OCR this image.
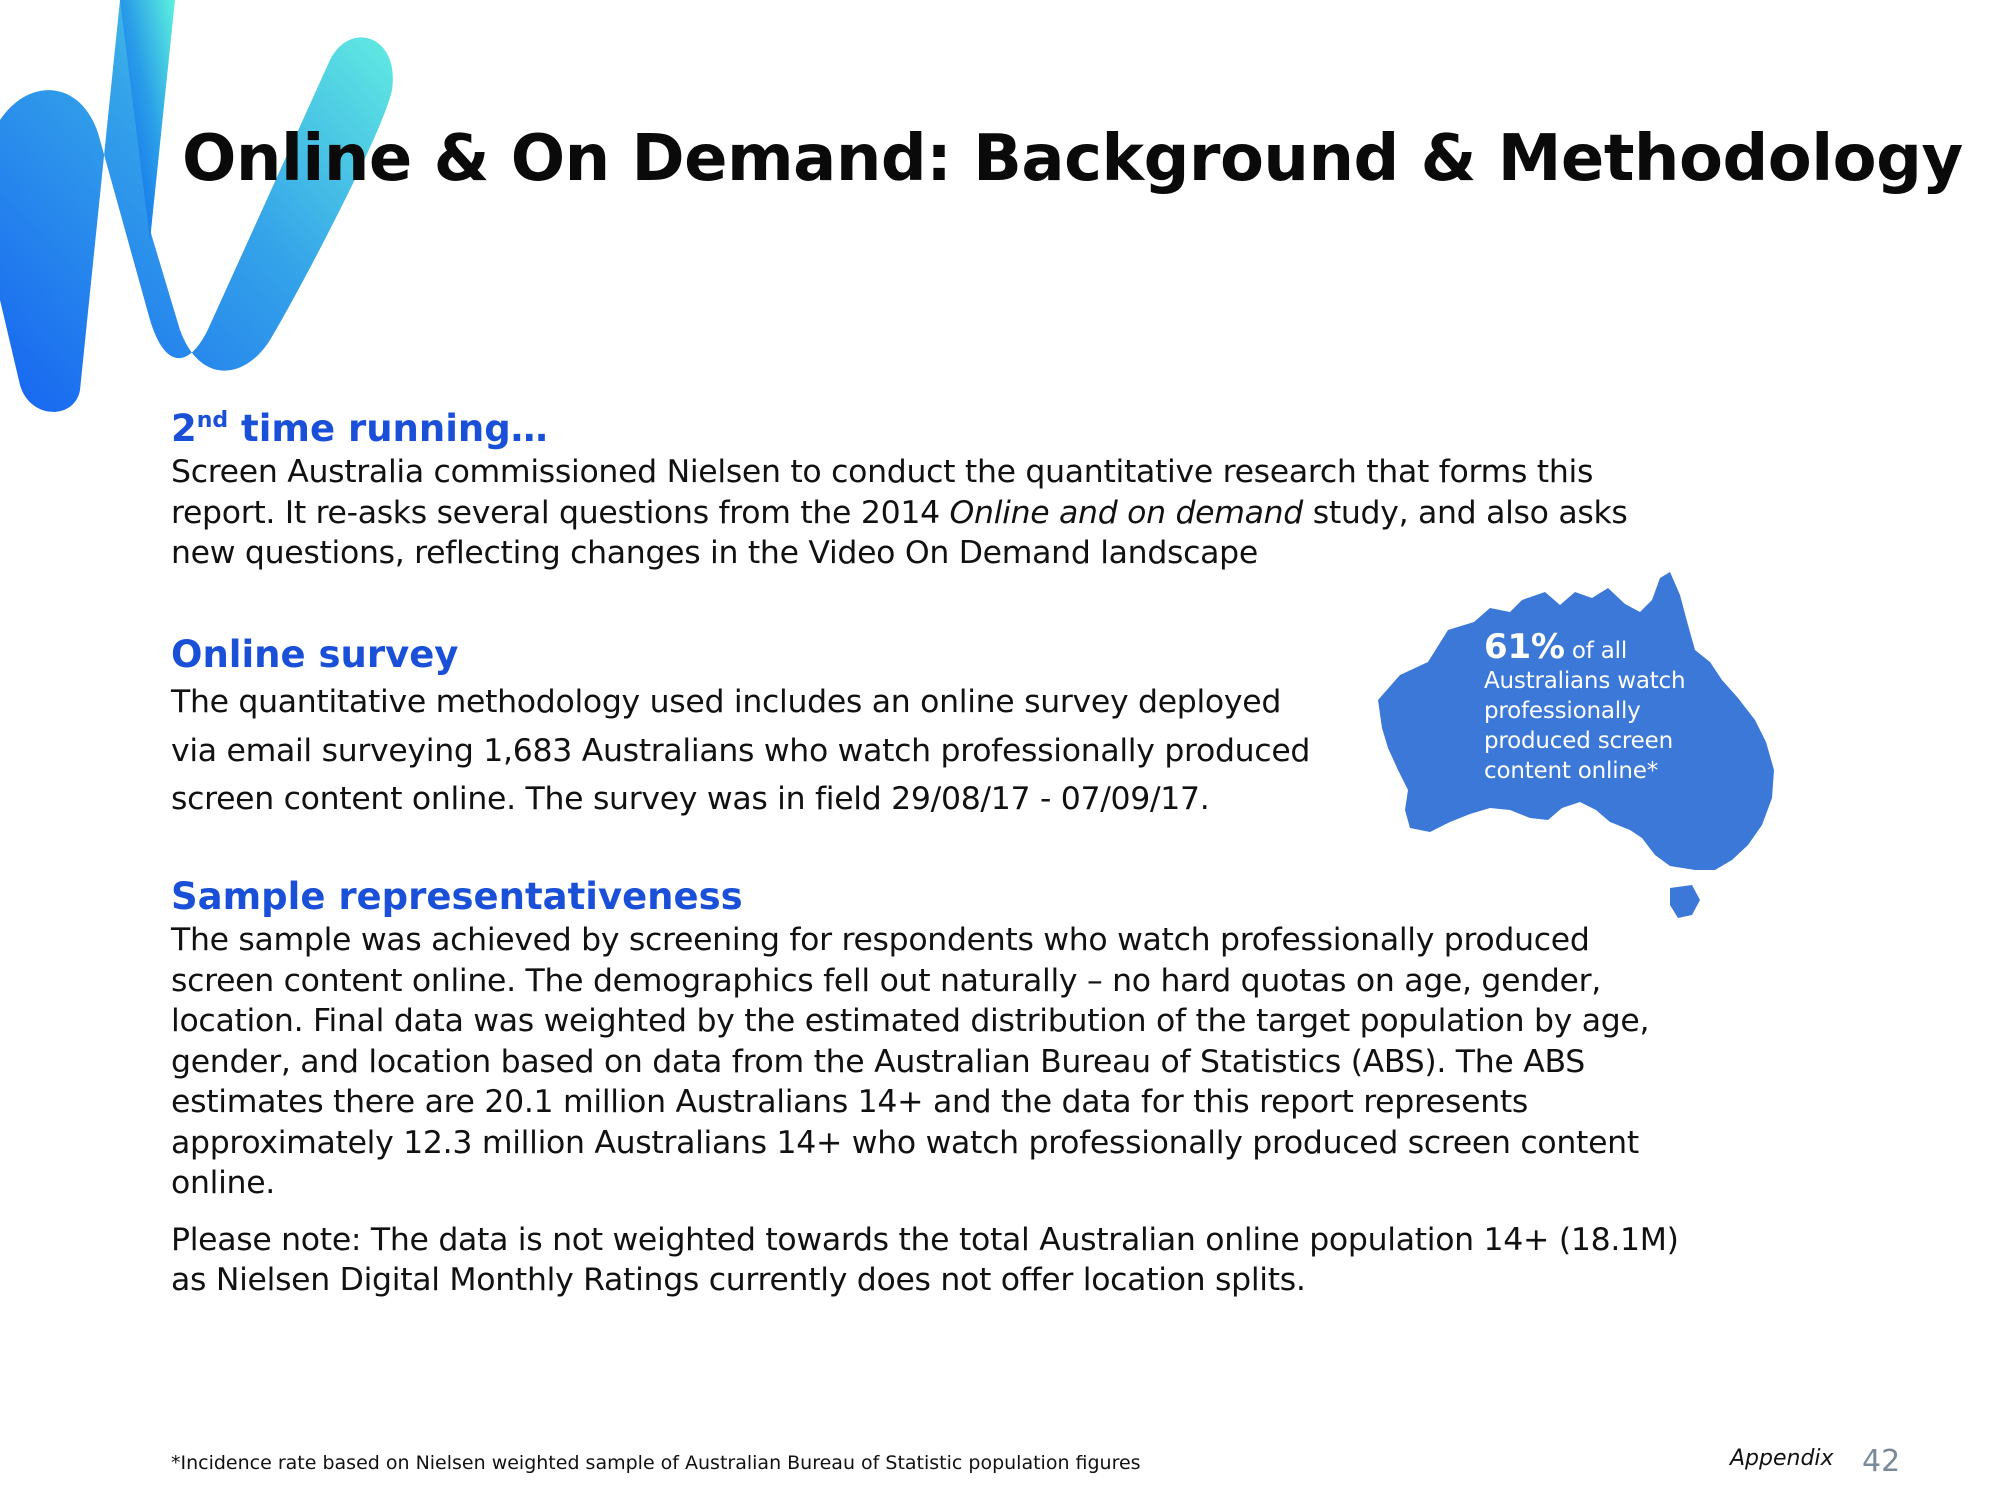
Online & On Demand: Background & Methodology
2nd time running…

Screen Australia commissioned Nielsen to conduct the quantitative research that forms this report. It re-asks several questions from the 2014 Online and on demand study, and also asks new questions, reflecting changes in the Video On Demand landscape

Online survey

The quantitative methodology used includes an online survey deployed via email surveying 1,683 Australians who watch professionally produced screen content online. The survey was in field 29/08/17 - 07/09/17.

61% of all
Australians watch professionally produced screen content online*
Sample representativeness

The sample was achieved by screening for respondents who watch professionally produced screen content online. The demographics fell out naturally – no hard quotas on age, gender, location. Final data was weighted by the estimated distribution of the target population by age, gender, and location based on data from the Australian Bureau of Statistics (ABS). The ABS estimates there are 20.1 million Australians 14+ and the data for this report represents approximately 12.3 million Australians 14+ who watch professionally produced screen content online.

Please note: The data is not weighted towards the total Australian online population 14+ (18.1M) as Nielsen Digital Monthly Ratings currently does not offer location splits.

*Incidence rate based on Nielsen weighted sample of Australian Bureau of Statistic population figures	Appendix 42
